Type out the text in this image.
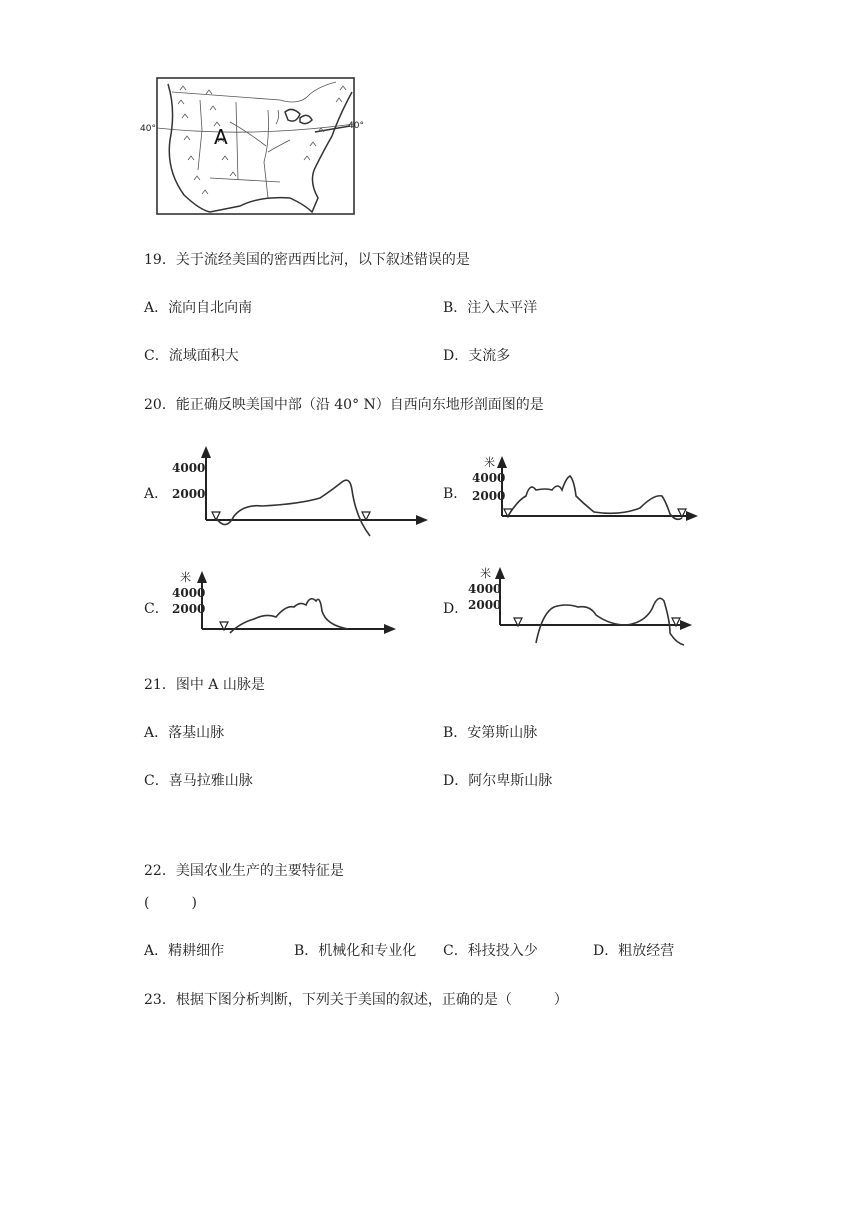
40°	40°
A
19．关于流经美国的密西西比河，以下叙述错误的是
A．流向自北向南	B．注入太平洋
C．流域面积大	D．支流多
20．能正确反映美国中部（沿 40° N）自西向东地形剖面图的是
A．
4000
2000	B．
米
4000
2000
C．
米
4000
2000	D．
米
4000
2000
21．图中 A 山脉是
A．落基山脉	B．安第斯山脉
C．喜马拉雅山脉	D．阿尔卑斯山脉
22．美国农业生产的主要特征是
(　　　)
A．精耕细作	B．机械化和专业化 C．科技投入少	D．粗放经营
23．根据下图分析判断，下列关于美国的叙述，正确的是（　　　）
